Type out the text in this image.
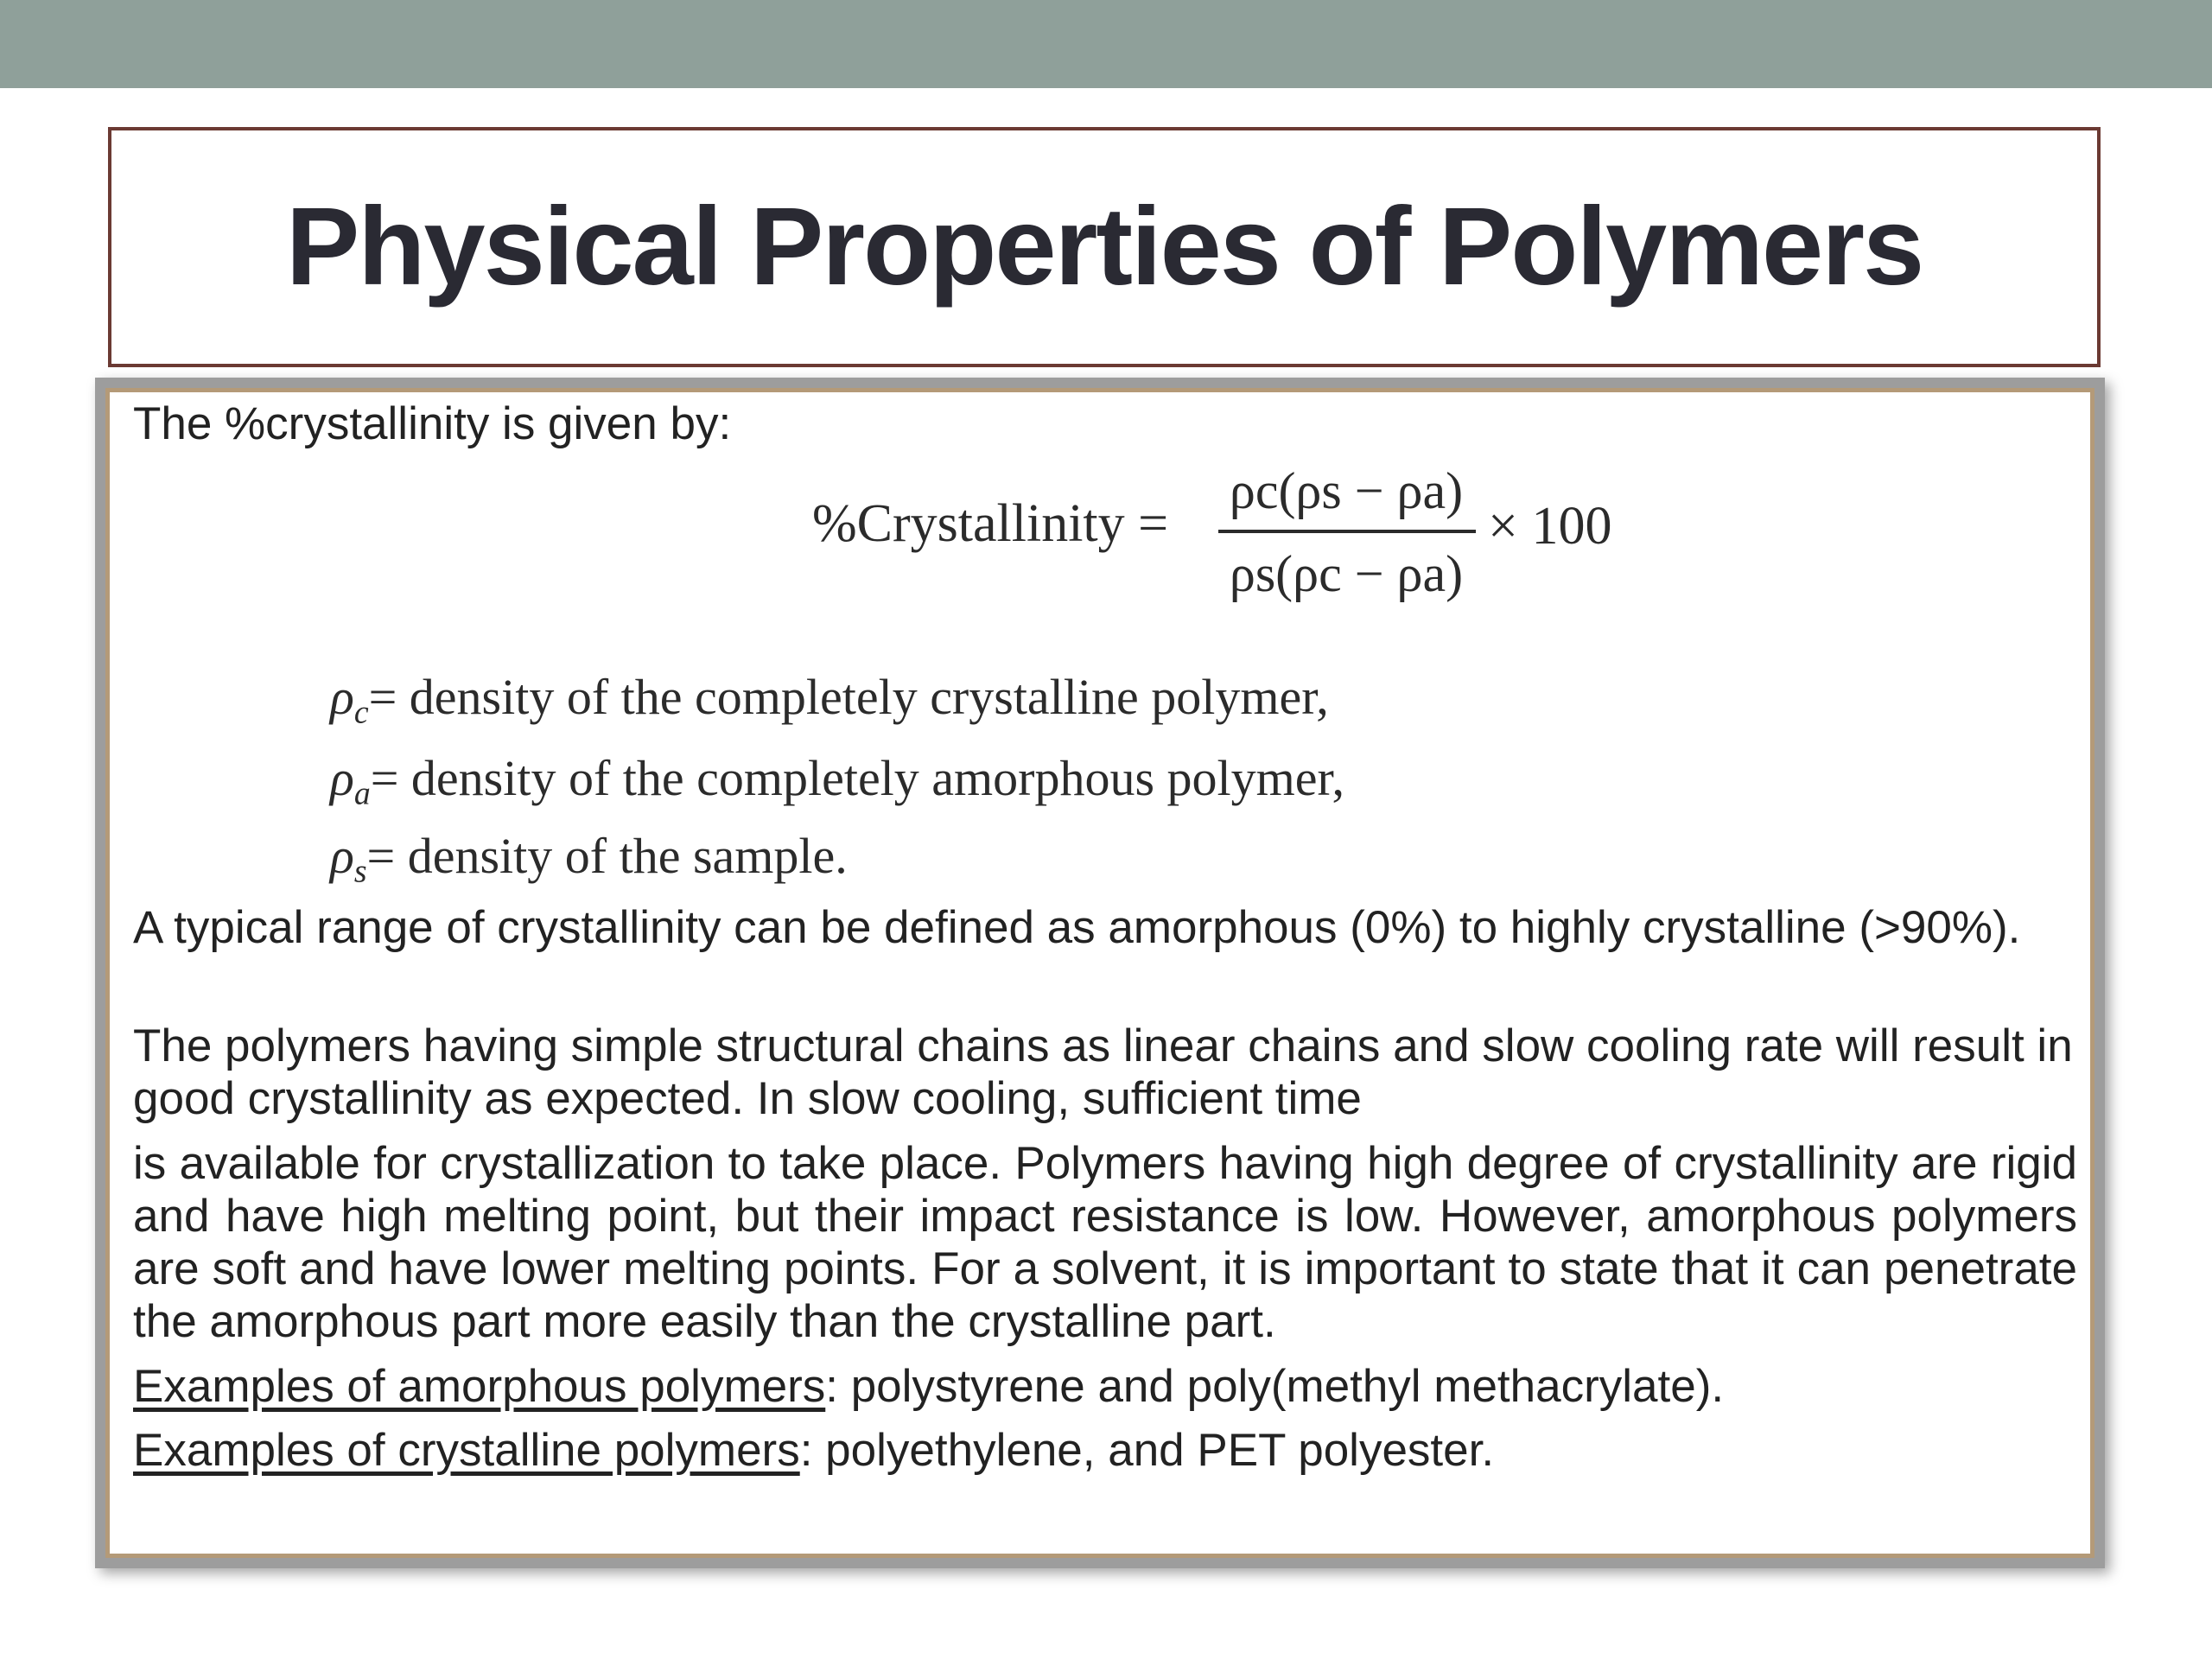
Physical Properties of Polymers

The %crystallinity is given by:

%Crystallinity =
ρc(ρs − ρa)
ρs(ρc − ρa)
× 100
$\rho_c=$ density of the completely crystalline polymer,
$\rho_a=$ density of the completely amorphous polymer,
$\rho_s=$ density of the sample.

A typical range of crystallinity can be defined as amorphous (0%) to highly crystalline (>90%).

The polymers having simple structural chains as linear chains and slow cooling rate will result in good crystallinity as expected. In slow cooling, sufficient time

is available for crystallization to take place. Polymers having high degree of crystallinity are rigid and have high melting point, but their impact resistance is low. However, amorphous polymers are soft and have lower melting points. For a solvent, it is important to state that it can penetrate the amorphous part more easily than the crystalline part.

Examples of amorphous polymers: polystyrene and poly(methyl methacrylate).

Examples of crystalline polymers: polyethylene, and PET polyester.
